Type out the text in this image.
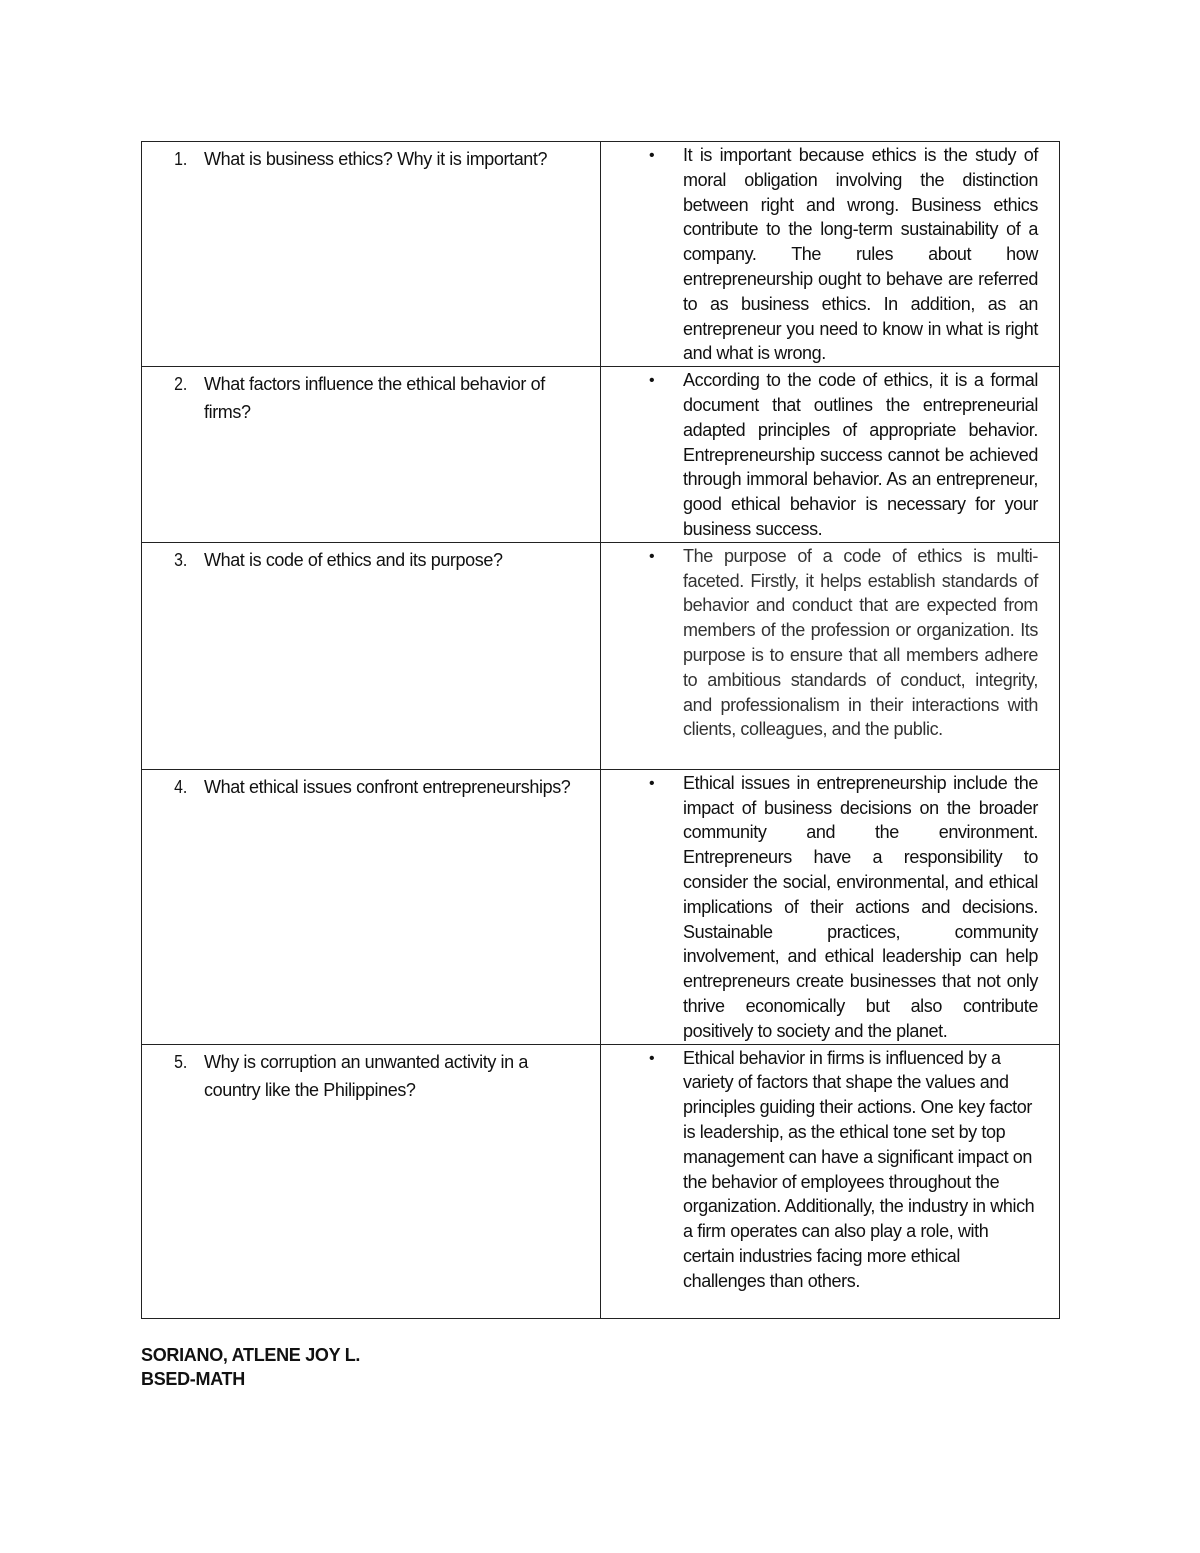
1. What is business ethics? Why it is important?	• It is important because ethics is the study of moral obligation involving the distinction between right and wrong. Business ethics contribute to the long-term sustainability of a company. The rules about how entrepreneurship ought to behave are referred to as business ethics. In addition, as an entrepreneur you need to know in what is right and what is wrong.

2. What factors influence the ethical behavior of firms?	• According to the code of ethics, it is a formal document that outlines the entrepreneurial adapted principles of appropriate behavior. Entrepreneurship success cannot be achieved through immoral behavior. As an entrepreneur, good ethical behavior is necessary for your business success.

3. What is code of ethics and its purpose?	• The purpose of a code of ethics is multi-faceted. Firstly, it helps establish standards of behavior and conduct that are expected from members of the profession or organization. Its purpose is to ensure that all members adhere to ambitious standards of conduct, integrity, and professionalism in their interactions with clients, colleagues, and the public.

4. What ethical issues confront entrepreneurships?	• Ethical issues in entrepreneurship include the impact of business decisions on the broader community and the environment. Entrepreneurs have a responsibility to consider the social, environmental, and ethical implications of their actions and decisions. Sustainable practices, community involvement, and ethical leadership can help entrepreneurs create businesses that not only thrive economically but also contribute positively to society and the planet.

5. Why is corruption an unwanted activity in a country like the Philippines?	• Ethical behavior in firms is influenced by a variety of factors that shape the values and principles guiding their actions. One key factor is leadership, as the ethical tone set by top management can have a significant impact on the behavior of employees throughout the organization. Additionally, the industry in which a firm operates can also play a role, with certain industries facing more ethical challenges than others.
SORIANO, ATLENE JOY L.
BSED-MATH
